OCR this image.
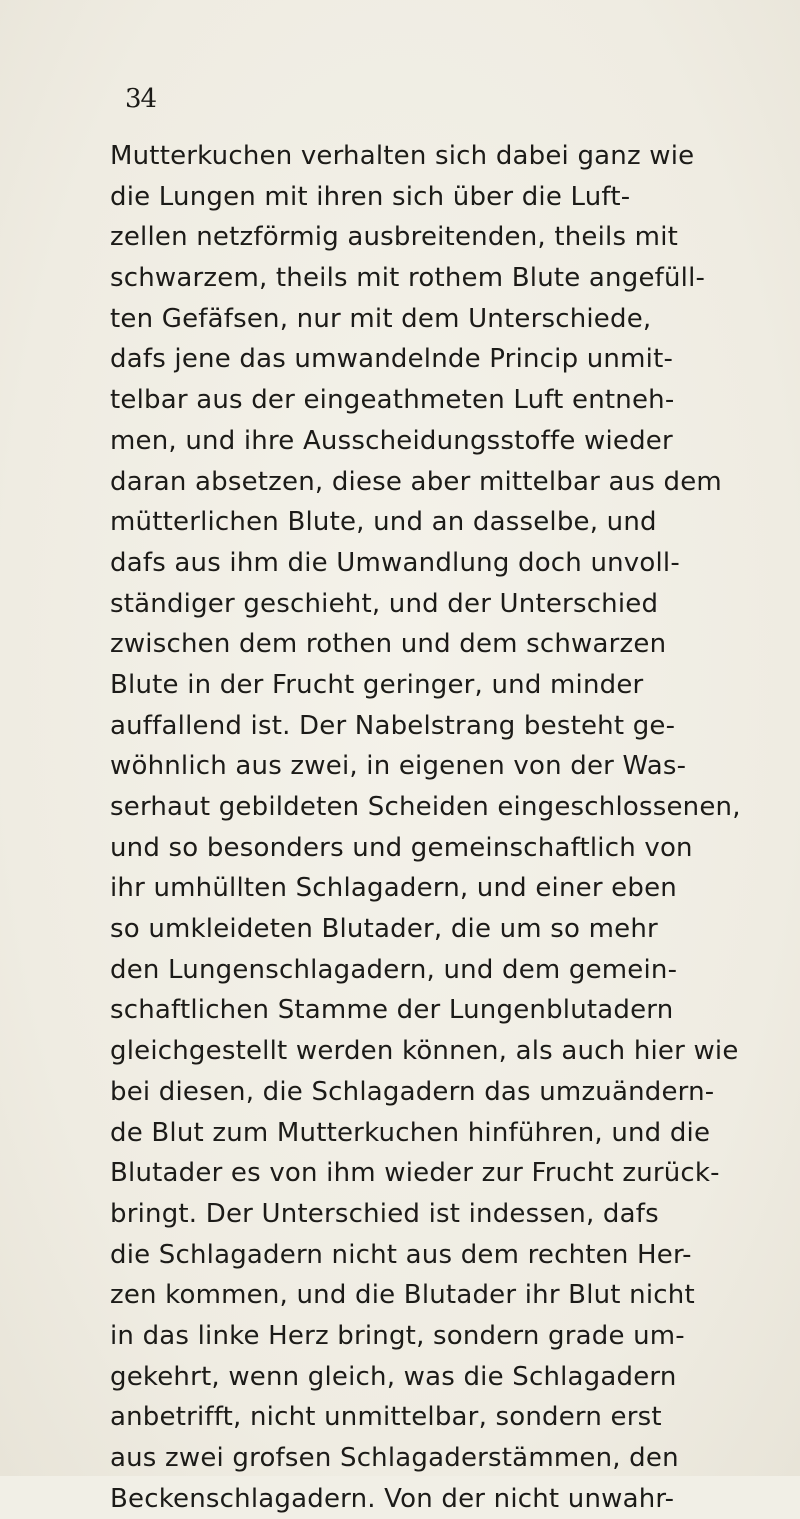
34
Mutterkuchen verhalten sich dabei ganz wie
die Lungen mit ihren sich über die Luft-
zellen netzförmig ausbreitenden, theils mit
schwarzem, theils mit rothem Blute angefüll-
ten Gefäfsen, nur mit dem Unterschiede,
dafs jene das umwandelnde Princip unmit-
telbar aus der eingeathmeten Luft entneh-
men, und ihre Ausscheidungsstoffe wieder
daran absetzen, diese aber mittelbar aus dem
mütterlichen Blute, und an dasselbe, und
dafs aus ihm die Umwandlung doch unvoll-
ständiger geschieht, und der Unterschied
zwischen dem rothen und dem schwarzen
Blute in der Frucht geringer, und minder
auffallend ist. Der Nabelstrang besteht ge-
wöhnlich aus zwei, in eigenen von der Was-
serhaut gebildeten Scheiden eingeschlossenen,
und so besonders und gemeinschaftlich von
ihr umhüllten Schlagadern, und einer eben
so umkleideten Blutader, die um so mehr
den Lungenschlagadern, und dem gemein-
schaftlichen Stamme der Lungenblutadern
gleichgestellt werden können, als auch hier wie
bei diesen, die Schlagadern das umzuändern-
de Blut zum Mutterkuchen hinführen, und die
Blutader es von ihm wieder zur Frucht zurück-
bringt. Der Unterschied ist indessen, dafs
die Schlagadern nicht aus dem rechten Her-
zen kommen, und die Blutader ihr Blut nicht
in das linke Herz bringt, sondern grade um-
gekehrt, wenn gleich, was die Schlagadern
anbetrifft, nicht unmittelbar, sondern erst
aus zwei grofsen Schlagaderstämmen, den
Beckenschlagadern. Von der nicht unwahr-
